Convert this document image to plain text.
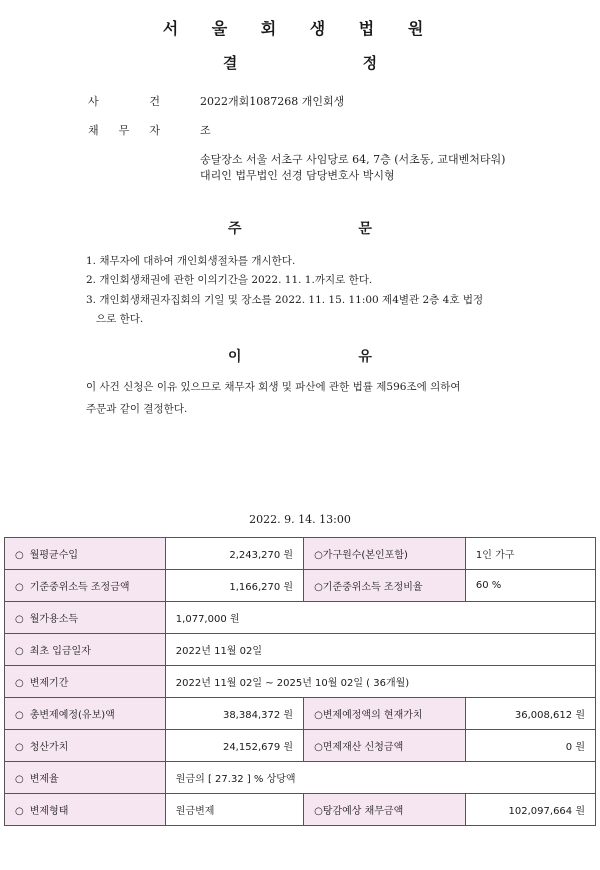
서 울 회 생 법 원
결 정
사	건	2022개회1087268 개인회생
채 무 자	조
송달장소 서울 서초구 사임당로 64, 7층 (서초동, 교대벤처타워)
대리인 법무법인 선경 담당변호사 박시형
주 문
1. 채무자에 대하여 개인회생절차를 개시한다.
2. 개인회생채권에 관한 이의기간을 2022. 11. 1.까지로 한다.
3. 개인회생채권자집회의 기일 및 장소를 2022. 11. 15. 11:00 제4별관 2층 4호 법정
으로 한다.
이 유
이 사건 신청은 이유 있으므로 채무자 회생 및 파산에 관한 법률 제596조에 의하여
주문과 같이 결정한다.
2022. 9. 14. 13:00
○ 월평균수입	2,243,270 원	○가구원수(본인포함)	1인 가구
○ 기준중위소득 조정금액	1,166,270 원	○기준중위소득 조정비율	60 %
○ 월가용소득	1,077,000 원		
○ 최초 입금일자	2022년 11월 02일		
○ 변제기간	2022년 11월 02일 ~ 2025년 10월 02일 ( 36개월)		
○ 총변제예정(유보)액	38,384,372 원	○변제예정액의 현재가치	36,008,612 원
○ 청산가치	24,152,679 원	○면제재산 신청금액	0 원
○ 변제율	원금의 [ 27.32 ] % 상당액		
○ 변제형태	원금변제	○탕감예상 채무금액	102,097,664 원
